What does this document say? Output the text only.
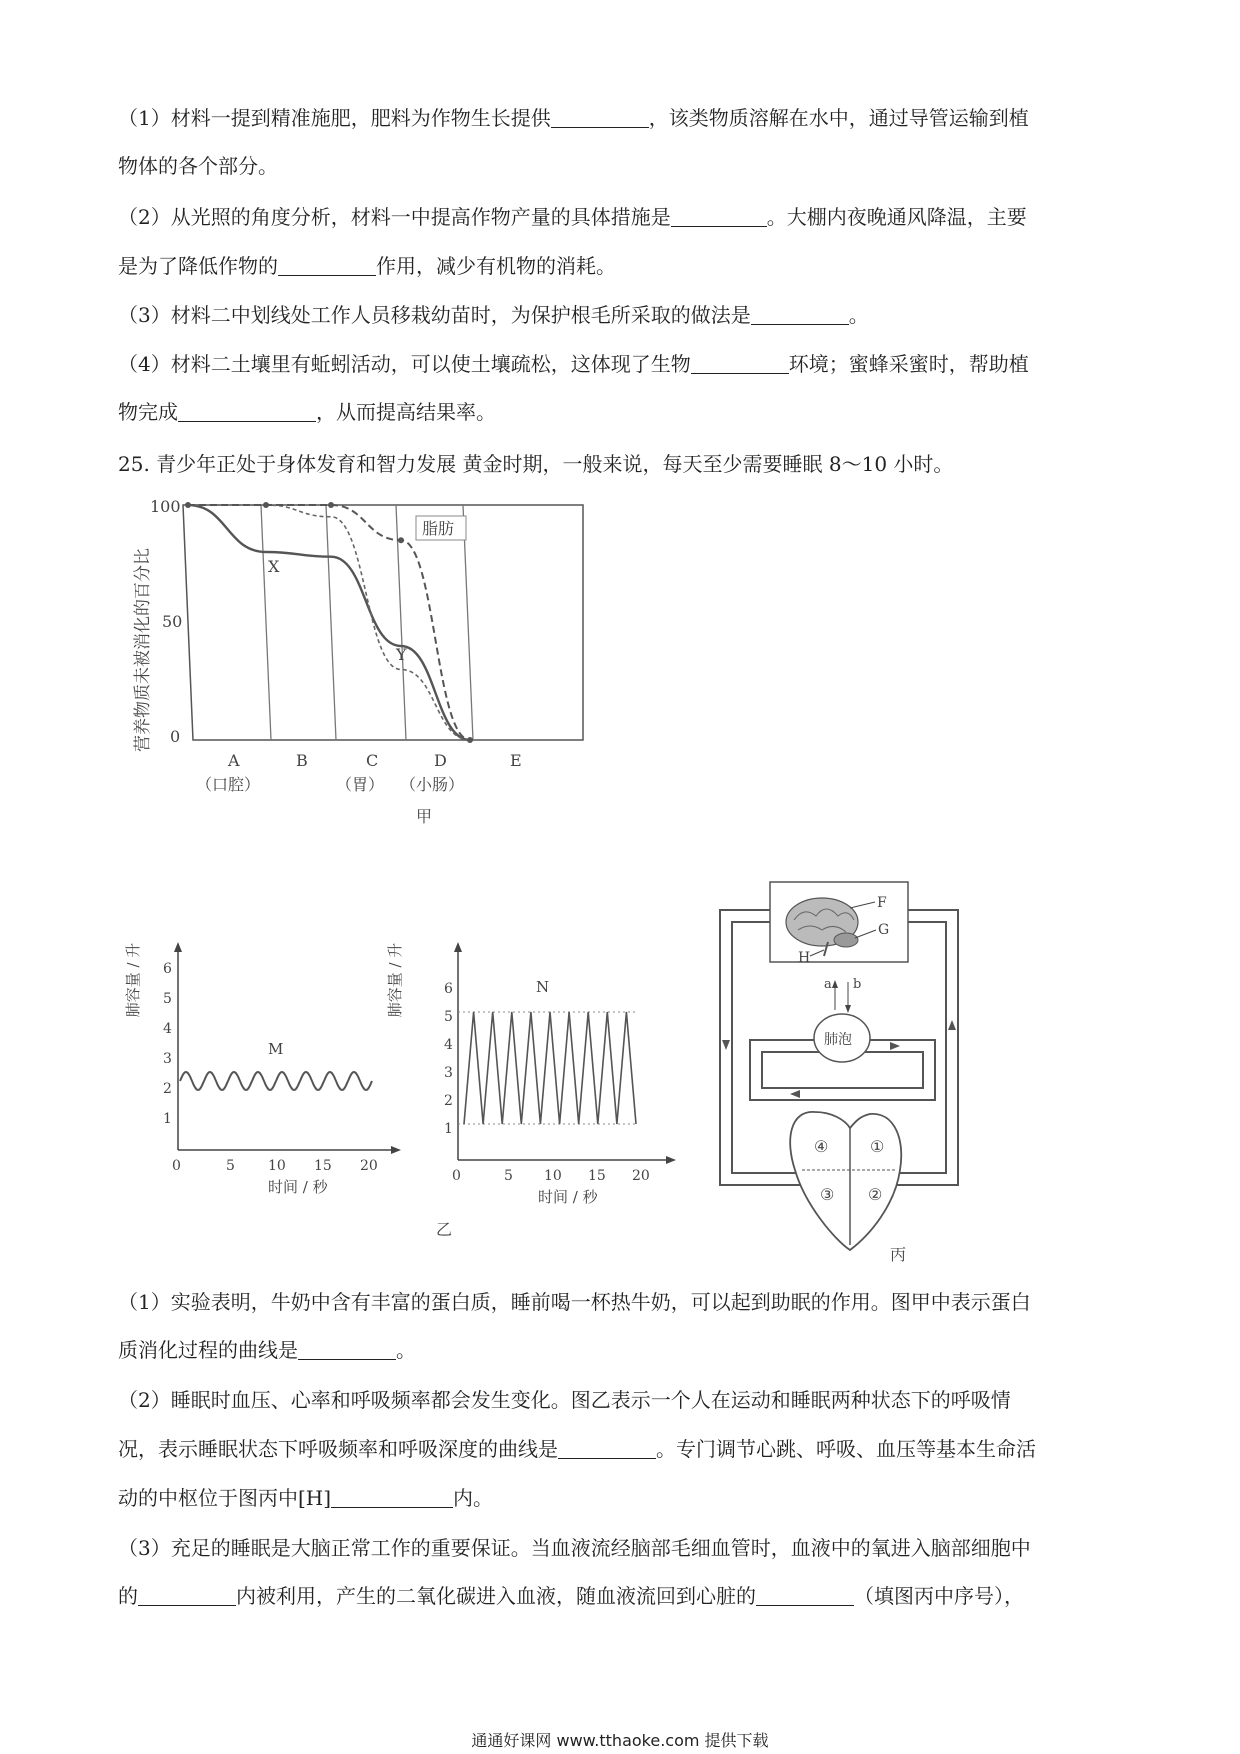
（1）材料一提到精准施肥，肥料为作物生长提供	，该类物质溶解在水中，通过导管运输到植
物体的各个部分。
（2）从光照的角度分析，材料一中提高作物产量的具体措施是	。大棚内夜晚通风降温，主要
是为了降低作物的	作用，减少有机物的消耗。
（3）材料二中划线处工作人员移栽幼苗时，为保护根毛所采取的做法是	。
（4）材料二土壤里有蚯蚓活动，可以使土壤疏松，这体现了生物	环境；蜜蜂采蜜时，帮助植
物完成	，从而提高结果率。
25. 青少年正处于身体发育和智力发展 黄金时期，一般来说，每天至少需要睡眠 8～10 小时。
营养物质未被消化的百分比
100
50
0
X
Y
脂肪
A	B	C	D	E
（口腔）	（胃） （小肠）
甲
肺容量 / 升
1
2
3
4
5
6
0	5 10 15 20
时间 / 秒
M
肺容量 / 升
1
2
3
4
5
6
0	5 10 15 20
时间 / 秒
N
乙
F
G
H
肺泡
a b
①
②
③
④
丙
（1）实验表明，牛奶中含有丰富的蛋白质，睡前喝一杯热牛奶，可以起到助眠的作用。图甲中表示蛋白
质消化过程的曲线是	。
（2）睡眠时血压、心率和呼吸频率都会发生变化。图乙表示一个人在运动和睡眠两种状态下的呼吸情
况，表示睡眠状态下呼吸频率和呼吸深度的曲线是	。专门调节心跳、呼吸、血压等基本生命活
动的中枢位于图丙中[H]	内。
（3）充足的睡眠是大脑正常工作的重要保证。当血液流经脑部毛细血管时，血液中的氧进入脑部细胞中
的	内被利用，产生的二氧化碳进入血液，随血液流回到心脏的	（填图丙中序号），
通通好课网 www.tthaoke.com 提供下载
